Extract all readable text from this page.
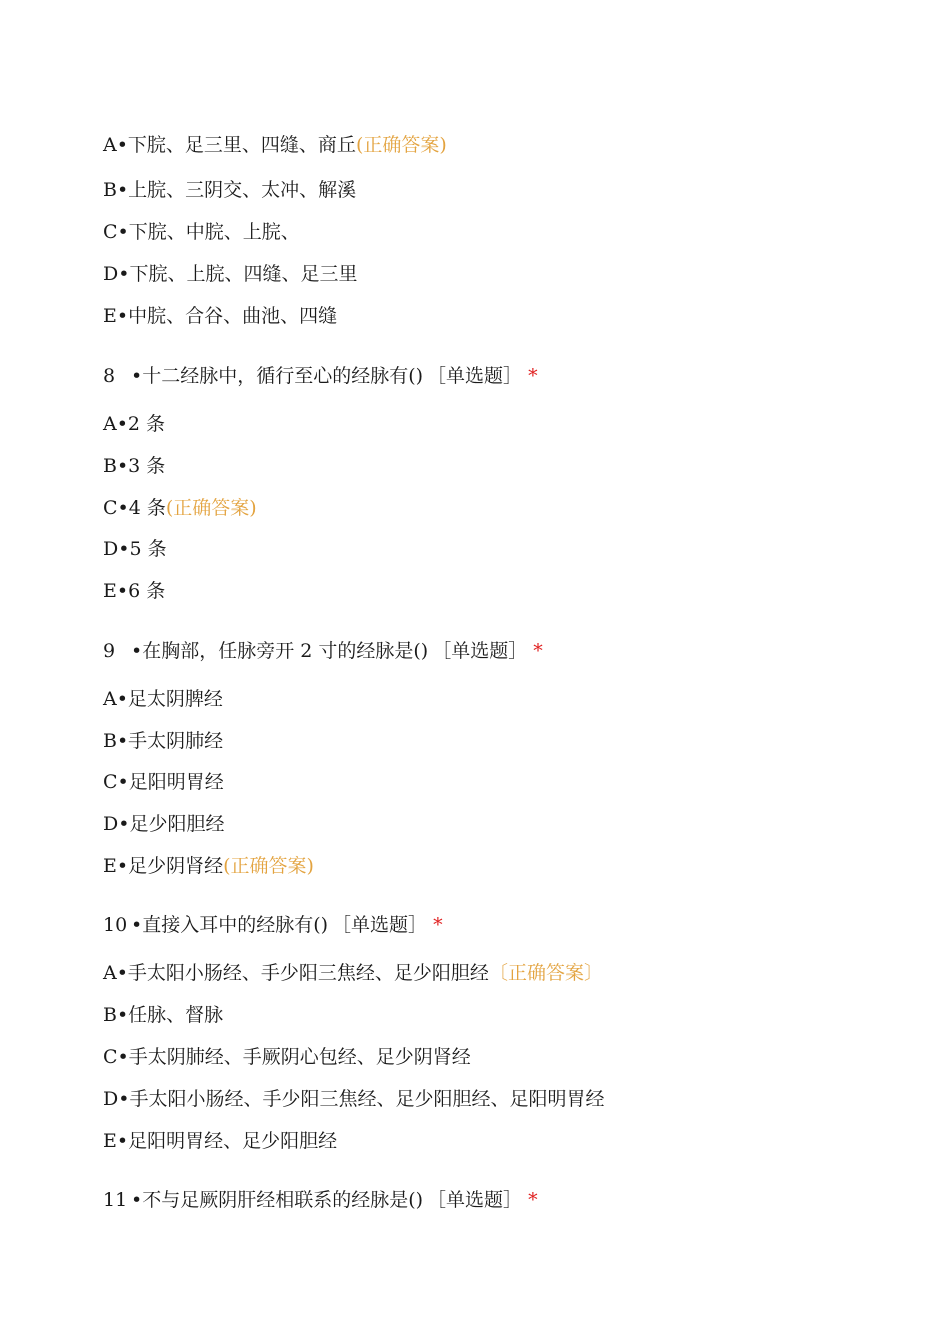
A•下脘、足三里、四缝、商丘(正确答案)
B•上脘、三阴交、太冲、解溪
C•下脘、中脘、上脘、
D•下脘、上脘、四缝、足三里
E•中脘、合谷、曲池、四缝
8 •十二经脉中，循行至心的经脉有() ［单选题］ *
A•2 条
B•3 条
C•4 条(正确答案)
D•5 条
E•6 条
9 •在胸部，任脉旁开 2 寸的经脉是() ［单选题］ *
A•足太阴脾经
B•手太阴肺经
C•足阳明胃经
D•足少阳胆经
E•足少阴肾经(正确答案)
10 •直接入耳中的经脉有() ［单选题］ *
A•手太阳小肠经、手少阳三焦经、足少阳胆经〔正确答案〕
B•任脉、督脉
C•手太阴肺经、手厥阴心包经、足少阴肾经
D•手太阳小肠经、手少阳三焦经、足少阳胆经、足阳明胃经
E•足阳明胃经、足少阳胆经
11 •不与足厥阴肝经相联系的经脉是() ［单选题］ *
